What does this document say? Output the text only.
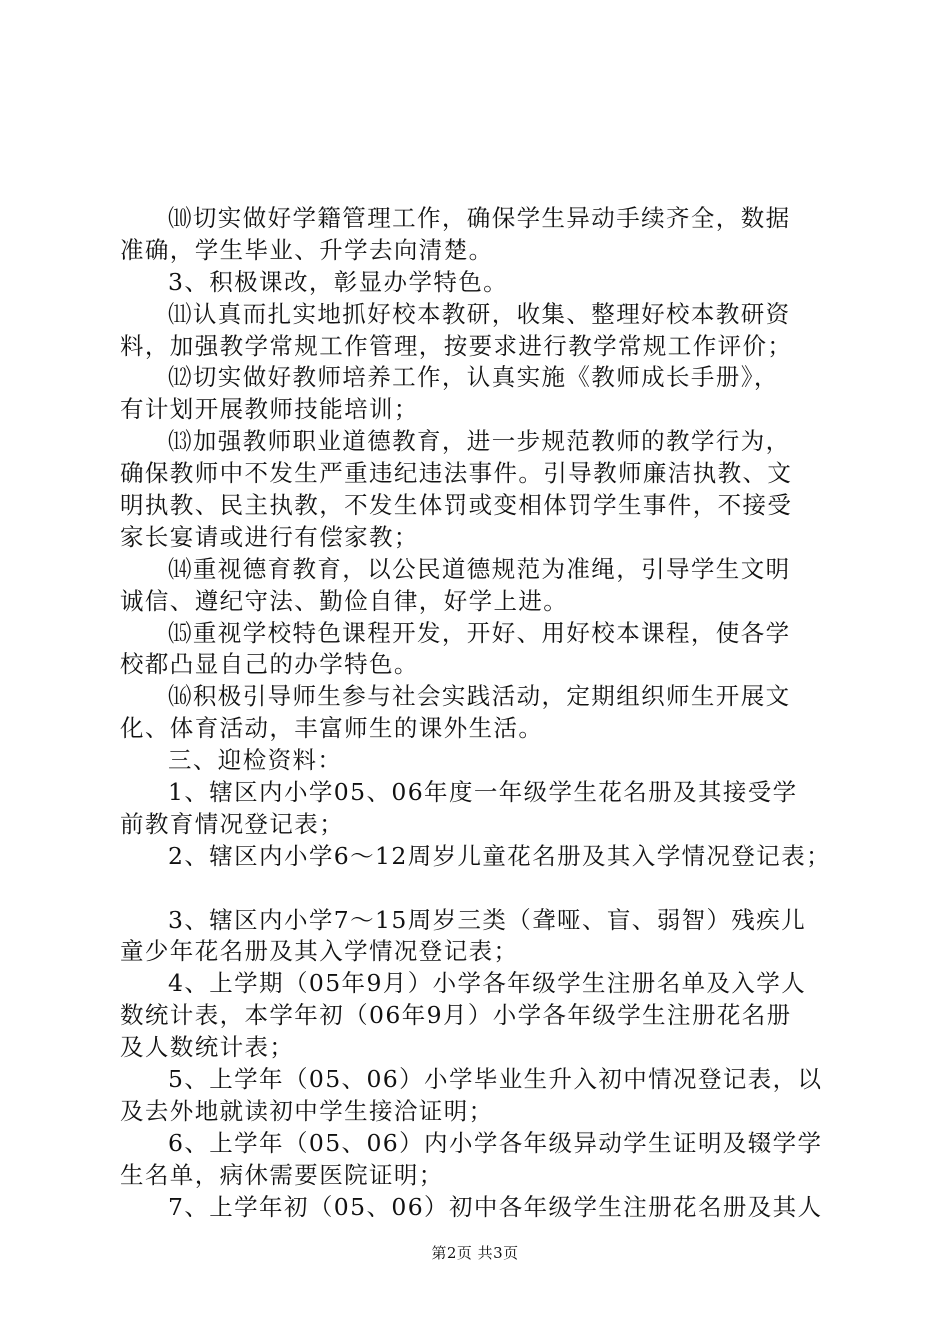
⑽切实做好学籍管理工作，确保学生异动手续齐全，数据
准确，学生毕业、升学去向清楚。
3、积极课改，彰显办学特色。
⑾认真而扎实地抓好校本教研，收集、整理好校本教研资
料，加强教学常规工作管理，按要求进行教学常规工作评价；
⑿切实做好教师培养工作，认真实施《教师成长手册》，
有计划开展教师技能培训；
⒀加强教师职业道德教育，进一步规范教师的教学行为，
确保教师中不发生严重违纪违法事件。引导教师廉洁执教、文
明执教、民主执教，不发生体罚或变相体罚学生事件，不接受
家长宴请或进行有偿家教；
⒁重视德育教育，以公民道德规范为准绳，引导学生文明
诚信、遵纪守法、勤俭自律，好学上进。
⒂重视学校特色课程开发，开好、用好校本课程，使各学
校都凸显自己的办学特色。
⒃积极引导师生参与社会实践活动，定期组织师生开展文
化、体育活动，丰富师生的课外生活。
三、迎检资料：
1、辖区内小学05、06年度一年级学生花名册及其接受学
前教育情况登记表；
2、辖区内小学6～12周岁儿童花名册及其入学情况登记表；
3、辖区内小学7～15周岁三类（聋哑、盲、弱智）残疾儿
童少年花名册及其入学情况登记表；
4、上学期（05年9月）小学各年级学生注册名单及入学人
数统计表，本学年初（06年9月）小学各年级学生注册花名册
及人数统计表；
5、上学年（05、06）小学毕业生升入初中情况登记表，以
及去外地就读初中学生接洽证明；
6、上学年（05、06）内小学各年级异动学生证明及辍学学
生名单，病休需要医院证明；
7、上学年初（05、06）初中各年级学生注册花名册及其人
第2页 共3页
